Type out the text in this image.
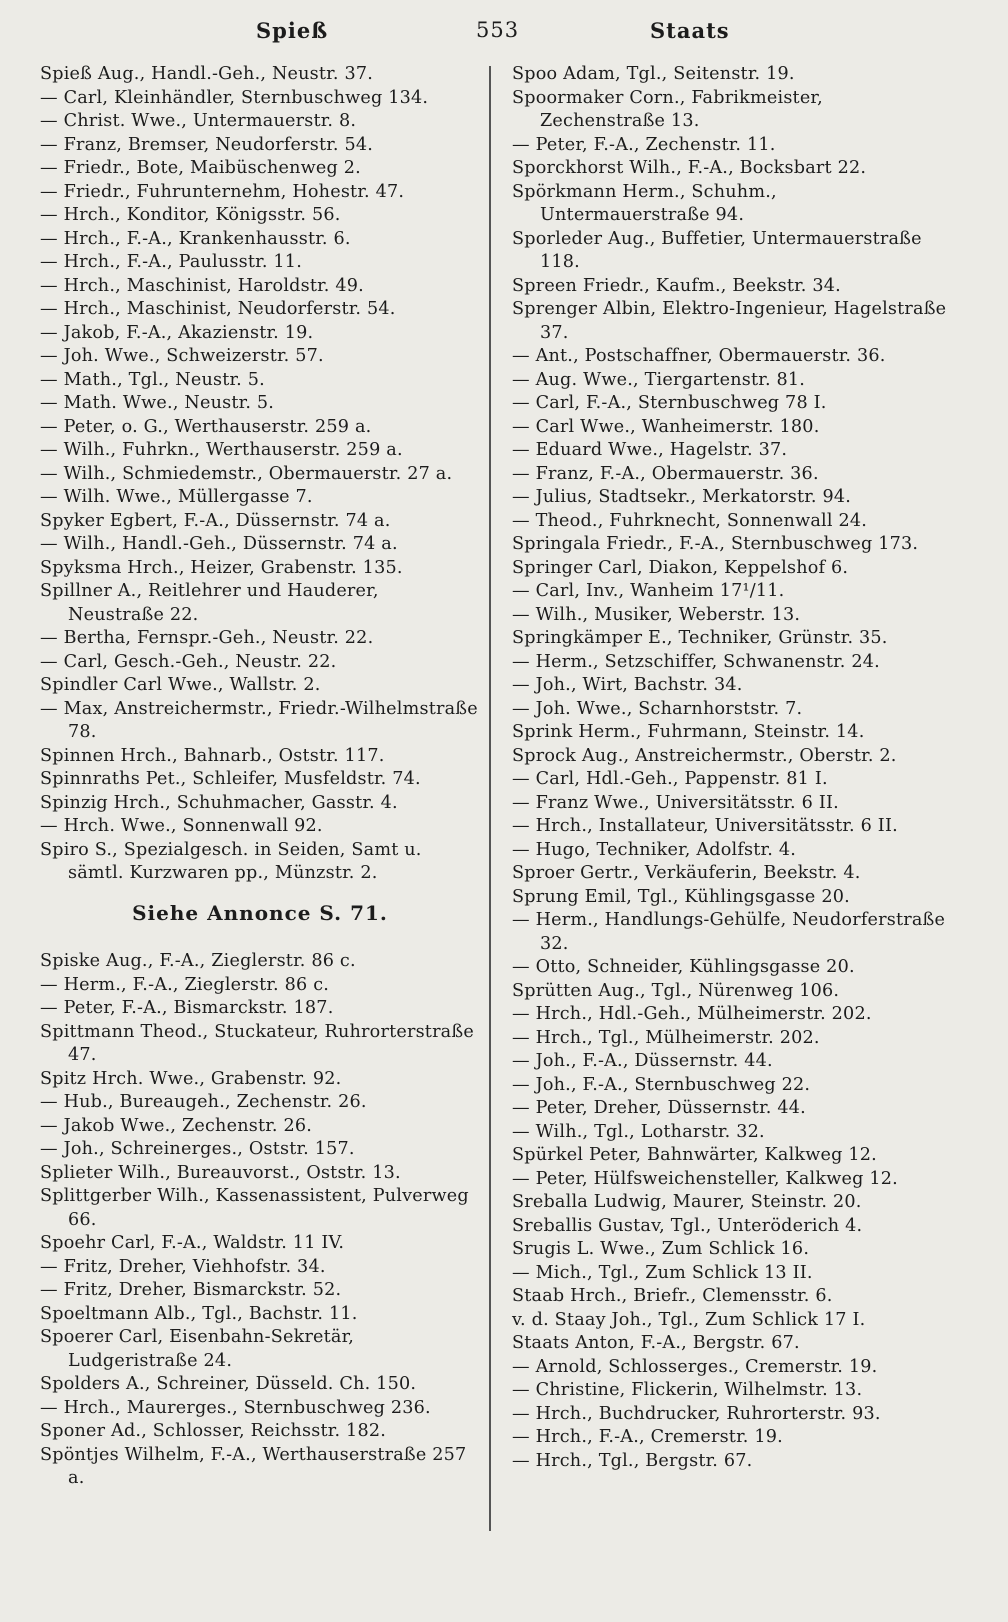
Spieß	553	Staats
Spieß Aug., Handl.-Geh., Neustr. 37.
— Carl, Kleinhändler, Sternbuschweg 134.
— Christ. Wwe., Untermauerstr. 8.
— Franz, Bremser, Neudorferstr. 54.
— Friedr., Bote, Maibüschenweg 2.
— Friedr., Fuhrunternehm, Hohestr. 47.
— Hrch., Konditor, Königsstr. 56.
— Hrch., F.-A., Krankenhausstr. 6.
— Hrch., F.-A., Paulusstr. 11.
— Hrch., Maschinist, Haroldstr. 49.
— Hrch., Maschinist, Neudorferstr. 54.
— Jakob, F.-A., Akazienstr. 19.
— Joh. Wwe., Schweizerstr. 57.
— Math., Tgl., Neustr. 5.
— Math. Wwe., Neustr. 5.
— Peter, o. G., Werthauserstr. 259 a.
— Wilh., Fuhrkn., Werthauserstr. 259 a.
— Wilh., Schmiedemstr., Obermauerstr. 27 a.
— Wilh. Wwe., Müllergasse 7.
Spyker Egbert, F.-A., Düssernstr. 74 a.
— Wilh., Handl.-Geh., Düssernstr. 74 a.
Spyksma Hrch., Heizer, Grabenstr. 135.
Spillner A., Reitlehrer und Hauderer, Neustraße 22.
— Bertha, Fernspr.-Geh., Neustr. 22.
— Carl, Gesch.-Geh., Neustr. 22.
Spindler Carl Wwe., Wallstr. 2.
— Max, Anstreichermstr., Friedr.-Wilhelmstraße 78.
Spinnen Hrch., Bahnarb., Oststr. 117.
Spinnraths Pet., Schleifer, Musfeldstr. 74.
Spinzig Hrch., Schuhmacher, Gasstr. 4.
— Hrch. Wwe., Sonnenwall 92.
Spiro S., Spezialgesch. in Seiden, Samt u. sämtl. Kurzwaren pp., Münzstr. 2.
Siehe Annonce S. 71.
Spiske Aug., F.-A., Zieglerstr. 86 c.
— Herm., F.-A., Zieglerstr. 86 c.
— Peter, F.-A., Bismarckstr. 187.
Spittmann Theod., Stuckateur, Ruhrorterstraße 47.
Spitz Hrch. Wwe., Grabenstr. 92.
— Hub., Bureaugeh., Zechenstr. 26.
— Jakob Wwe., Zechenstr. 26.
— Joh., Schreinerges., Oststr. 157.
Splieter Wilh., Bureauvorst., Oststr. 13.
Splittgerber Wilh., Kassenassistent, Pulverweg 66.
Spoehr Carl, F.-A., Waldstr. 11 IV.
— Fritz, Dreher, Viehhofstr. 34.
— Fritz, Dreher, Bismarckstr. 52.
Spoeltmann Alb., Tgl., Bachstr. 11.
Spoerer Carl, Eisenbahn-Sekretär, Ludgeristraße 24.
Spolders A., Schreiner, Düsseld. Ch. 150.
— Hrch., Maurerges., Sternbuschweg 236.
Sponer Ad., Schlosser, Reichsstr. 182.
Spöntjes Wilhelm, F.-A., Werthauserstraße 257 a.
Spoo Adam, Tgl., Seitenstr. 19.
Spoormaker Corn., Fabrikmeister, Zechenstraße 13.
— Peter, F.-A., Zechenstr. 11.
Sporckhorst Wilh., F.-A., Bocksbart 22.
Spörkmann Herm., Schuhm., Untermauerstraße 94.
Sporleder Aug., Buffetier, Untermauerstraße 118.
Spreen Friedr., Kaufm., Beekstr. 34.
Sprenger Albin, Elektro-Ingenieur, Hagelstraße 37.
— Ant., Postschaffner, Obermauerstr. 36.
— Aug. Wwe., Tiergartenstr. 81.
— Carl, F.-A., Sternbuschweg 78 I.
— Carl Wwe., Wanheimerstr. 180.
— Eduard Wwe., Hagelstr. 37.
— Franz, F.-A., Obermauerstr. 36.
— Julius, Stadtsekr., Merkatorstr. 94.
— Theod., Fuhrknecht, Sonnenwall 24.
Springala Friedr., F.-A., Sternbuschweg 173.
Springer Carl, Diakon, Keppelshof 6.
— Carl, Inv., Wanheim 17¹/11.
— Wilh., Musiker, Weberstr. 13.
Springkämper E., Techniker, Grünstr. 35.
— Herm., Setzschiffer, Schwanenstr. 24.
— Joh., Wirt, Bachstr. 34.
— Joh. Wwe., Scharnhorststr. 7.
Sprink Herm., Fuhrmann, Steinstr. 14.
Sprock Aug., Anstreichermstr., Oberstr. 2.
— Carl, Hdl.-Geh., Pappenstr. 81 I.
— Franz Wwe., Universitätsstr. 6 II.
— Hrch., Installateur, Universitätsstr. 6 II.
— Hugo, Techniker, Adolfstr. 4.
Sproer Gertr., Verkäuferin, Beekstr. 4.
Sprung Emil, Tgl., Kühlingsgasse 20.
— Herm., Handlungs-Gehülfe, Neudorferstraße 32.
— Otto, Schneider, Kühlingsgasse 20.
Sprütten Aug., Tgl., Nürenweg 106.
— Hrch., Hdl.-Geh., Mülheimerstr. 202.
— Hrch., Tgl., Mülheimerstr. 202.
— Joh., F.-A., Düssernstr. 44.
— Joh., F.-A., Sternbuschweg 22.
— Peter, Dreher, Düssernstr. 44.
— Wilh., Tgl., Lotharstr. 32.
Spürkel Peter, Bahnwärter, Kalkweg 12.
— Peter, Hülfsweichensteller, Kalkweg 12.
Sreballa Ludwig, Maurer, Steinstr. 20.
Sreballis Gustav, Tgl., Unteröderich 4.
Srugis L. Wwe., Zum Schlick 16.
— Mich., Tgl., Zum Schlick 13 II.
Staab Hrch., Briefr., Clemensstr. 6.
v. d. Staay Joh., Tgl., Zum Schlick 17 I.
Staats Anton, F.-A., Bergstr. 67.
— Arnold, Schlosserges., Cremerstr. 19.
— Christine, Flickerin, Wilhelmstr. 13.
— Hrch., Buchdrucker, Ruhrorterstr. 93.
— Hrch., F.-A., Cremerstr. 19.
— Hrch., Tgl., Bergstr. 67.
